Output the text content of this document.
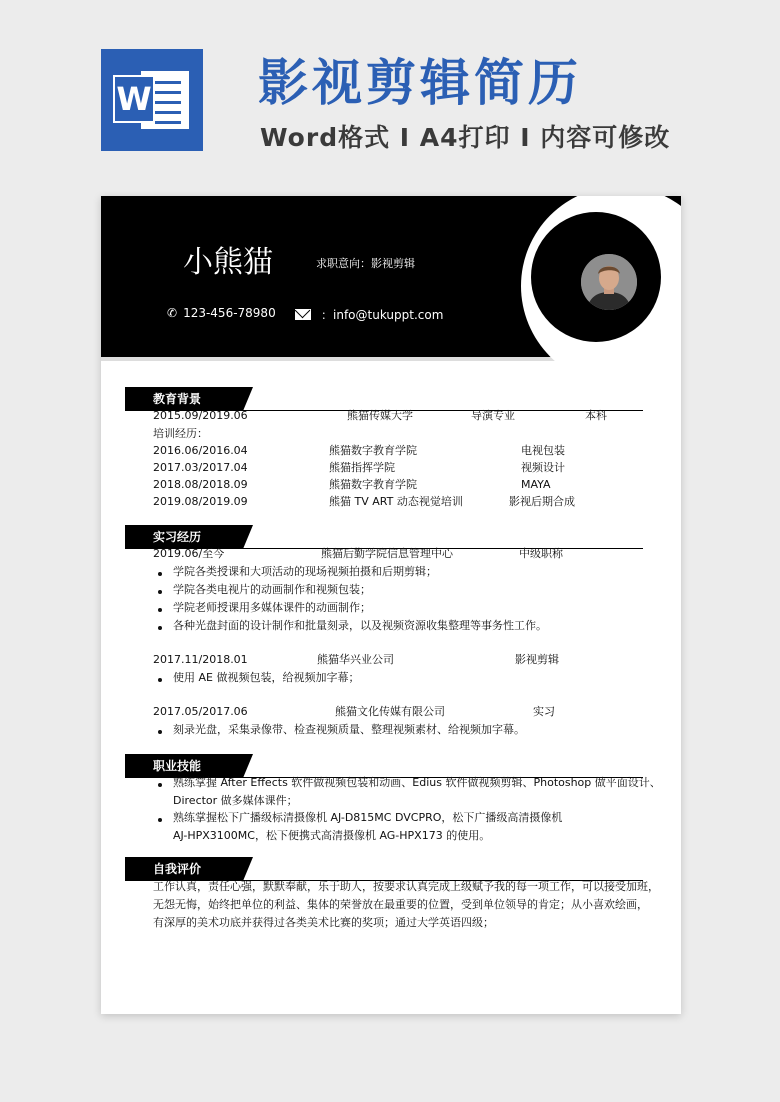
W 影视剪辑简历
Word格式 I A4打印 I 内容可修改
小熊猫	求职意向：影视剪辑
✆ 123-456-78980	：info@tukuppt.com
教育背景
2015.09/2019.06	熊猫传媒大学	导演专业	本科
培训经历：
2016.06/2016.04	熊猫数字教育学院	电视包装
2017.03/2017.04	熊猫指挥学院	视频设计
2018.08/2018.09	熊猫数字教育学院	MAYA
2019.08/2019.09	熊猫 TV ART 动态视觉培训	影视后期合成
实习经历
2019.06/至今	熊猫后勤学院信息管理中心	中级职称
学院各类授课和大项活动的现场视频拍摄和后期剪辑；
学院各类电视片的动画制作和视频包装；
学院老师授课用多媒体课件的动画制作；
各种光盘封面的设计制作和批量刻录，以及视频资源收集整理等事务性工作。
2017.11/2018.01	熊猫华兴业公司	影视剪辑
使用 AE 做视频包装，给视频加字幕；
2017.05/2017.06	熊猫文化传媒有限公司	实习
刻录光盘，采集录像带、检查视频质量、整理视频素材、给视频加字幕。
职业技能
熟练掌握 After Effects 软件做视频包装和动画、Edius 软件做视频剪辑、Photoshop 做平面设计、
Director 做多媒体课件；
熟练掌握松下广播级标清摄像机 AJ-D815MC DVCPRO，松下广播级高清摄像机
AJ-HPX3100MC，松下便携式高清摄像机 AG-HPX173 的使用。
自我评价
工作认真，责任心强，默默奉献，乐于助人，按要求认真完成上级赋予我的每一项工作，可以接受加班，
无怨无悔，始终把单位的利益、集体的荣誉放在最重要的位置，受到单位领导的肯定；从小喜欢绘画，
有深厚的美术功底并获得过各类美术比赛的奖项；通过大学英语四级；
